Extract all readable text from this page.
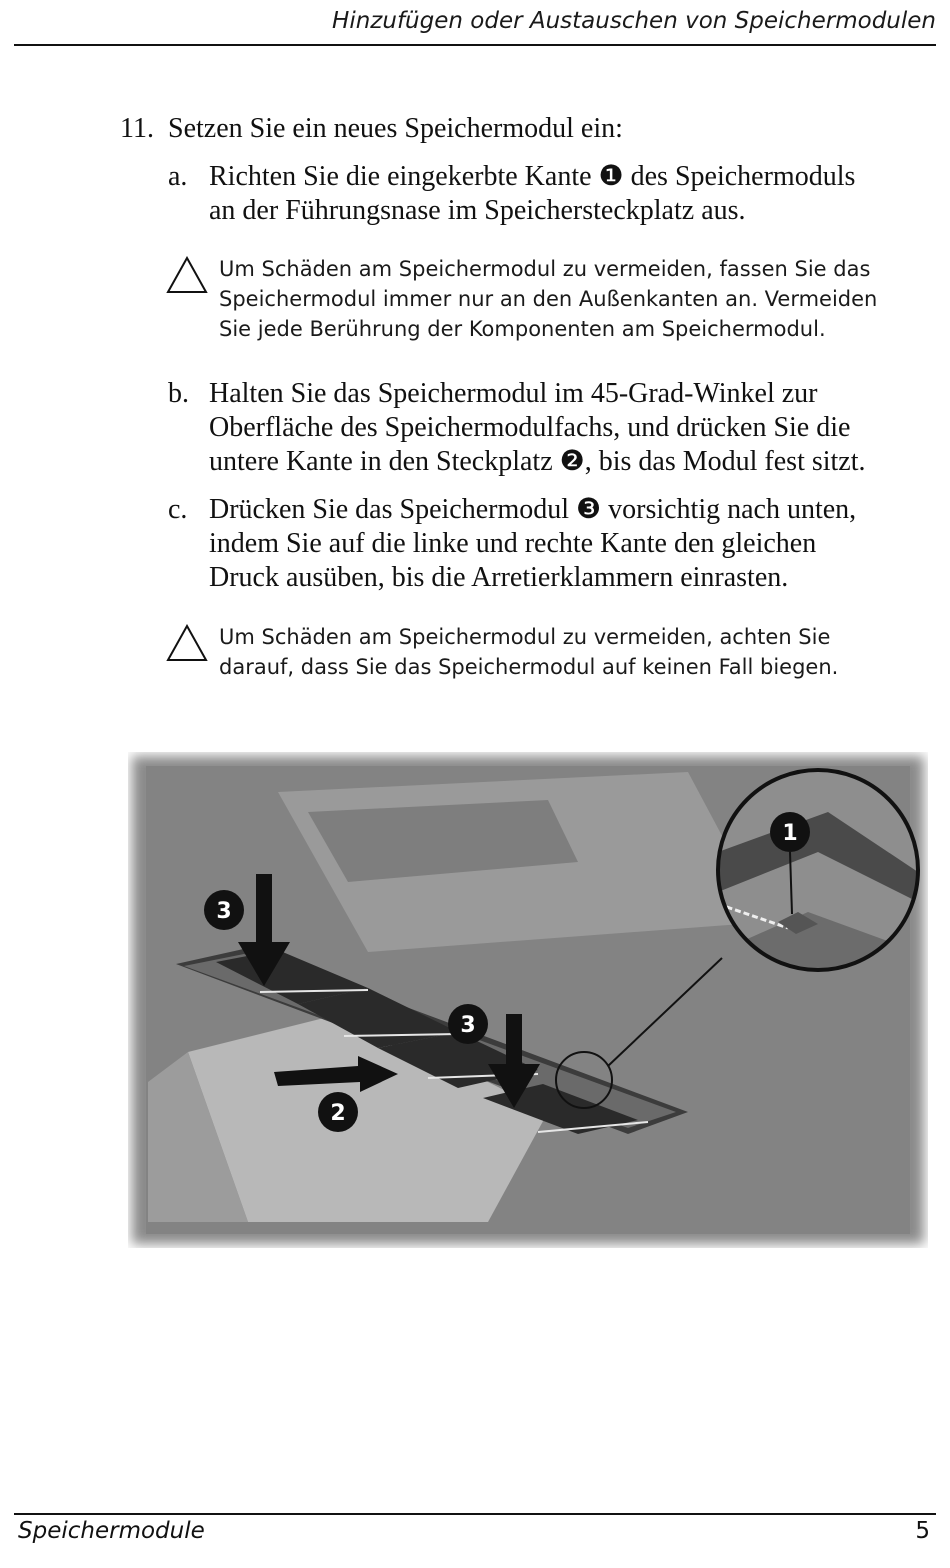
Hinzufügen oder Austauschen von Speichermodulen
11. Setzen Sie ein neues Speichermodul ein:
a. Richten Sie die eingekerbte Kante ❶ des Speichermoduls
an der Führungsnase im Speichersteckplatz aus.
Um Schäden am Speichermodul zu vermeiden, fassen Sie das
Speichermodul immer nur an den Außenkanten an. Vermeiden
Sie jede Berührung der Komponenten am Speichermodul.
b. Halten Sie das Speichermodul im 45-Grad-Winkel zur
Oberfläche des Speichermodulfachs, und drücken Sie die
untere Kante in den Steckplatz ❷, bis das Modul fest sitzt.
c. Drücken Sie das Speichermodul ❸ vorsichtig nach unten,
indem Sie auf die linke und rechte Kante den gleichen
Druck ausüben, bis die Arretierklammern einrasten.
Um Schäden am Speichermodul zu vermeiden, achten Sie
darauf, dass Sie das Speichermodul auf keinen Fall biegen.
1
2
3
3
Speichermodule	5
